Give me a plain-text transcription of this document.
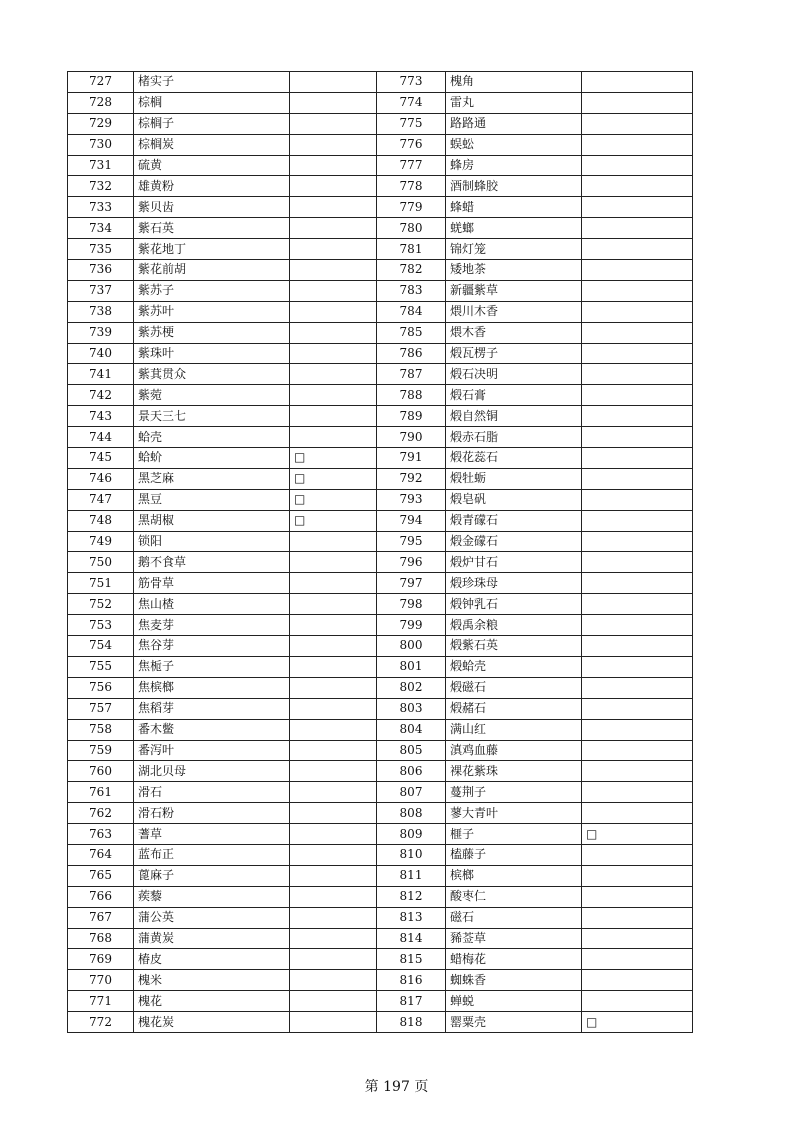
727	楮实子		773	槐角	
728	棕榈		774	雷丸	
729	棕榈子		775	路路通	
730	棕榈炭		776	蜈蚣	
731	硫黄		777	蜂房	
732	雄黄粉		778	酒制蜂胶	
733	紫贝齿		779	蜂蜡	
734	紫石英		780	蜣螂	
735	紫花地丁		781	锦灯笼	
736	紫花前胡		782	矮地茶	
737	紫苏子		783	新疆紫草	
738	紫苏叶		784	煨川木香	
739	紫苏梗		785	煨木香	
740	紫珠叶		786	煅瓦楞子	
741	紫萁贯众		787	煅石决明	
742	紫菀		788	煅石膏	
743	景天三七		789	煅自然铜	
744	蛤壳		790	煅赤石脂	
745	蛤蚧	□	791	煅花蕊石	
746	黑芝麻	□	792	煅牡蛎	
747	黑豆	□	793	煅皂矾	
748	黑胡椒	□	794	煅青礞石	
749	锁阳		795	煅金礞石	
750	鹅不食草		796	煅炉甘石	
751	筋骨草		797	煅珍珠母	
752	焦山楂		798	煅钟乳石	
753	焦麦芽		799	煅禹余粮	
754	焦谷芽		800	煅紫石英	
755	焦栀子		801	煅蛤壳	
756	焦槟榔		802	煅磁石	
757	焦稻芽		803	煅赭石	
758	番木鳖		804	满山红	
759	番泻叶		805	滇鸡血藤	
760	湖北贝母		806	裸花紫珠	
761	滑石		807	蔓荆子	
762	滑石粉		808	蓼大青叶	
763	蓍草		809	榧子	□
764	蓝布正		810	榼藤子	
765	蓖麻子		811	槟榔	
766	蒺藜		812	酸枣仁	
767	蒲公英		813	磁石	
768	蒲黄炭		814	豨莶草	
769	椿皮		815	蜡梅花	
770	槐米		816	蜘蛛香	
771	槐花		817	蝉蜕	
772	槐花炭		818	罂粟壳	□
第 197 页
